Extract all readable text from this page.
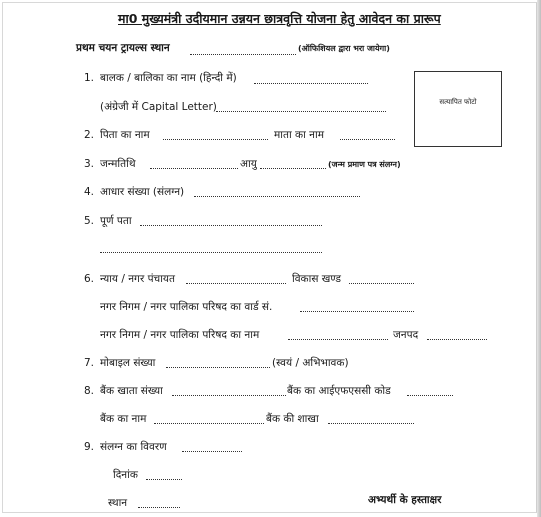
मा0 मुख्यमंत्री उदीयमान उन्नयन छात्रवृत्ति योजना हेतु आवेदन का प्रारूप
प्रथम चयन ट्रायल्स स्थान	(ऑफिशियल द्वारा भरा जायेगा)
सत्यापित फोटो
1. बालक / बालिका का नाम (हिन्दी में)
(अंग्रेजी में Capital Letter)
2. पिता का नाम	माता का नाम
3. जन्मतिथि	आयु	(जन्म प्रमाण पत्र संलग्न)
4. आधार संख्या (संलग्न)
5. पूर्ण पता
6. न्याय / नगर पंचायत	विकास खण्ड
नगर निगम / नगर पालिका परिषद का वार्ड सं.
नगर निगम / नगर पालिका परिषद का नाम	जनपद
7. मोबाइल संख्या	(स्वयं / अभिभावक)
8. बैंक खाता संख्या	बैंक का आईएफएससी कोड
बैंक का नाम	बैंक की शाखा
9. संलग्न का विवरण
दिनांक
स्थान	अभ्यर्थी के हस्ताक्षर
